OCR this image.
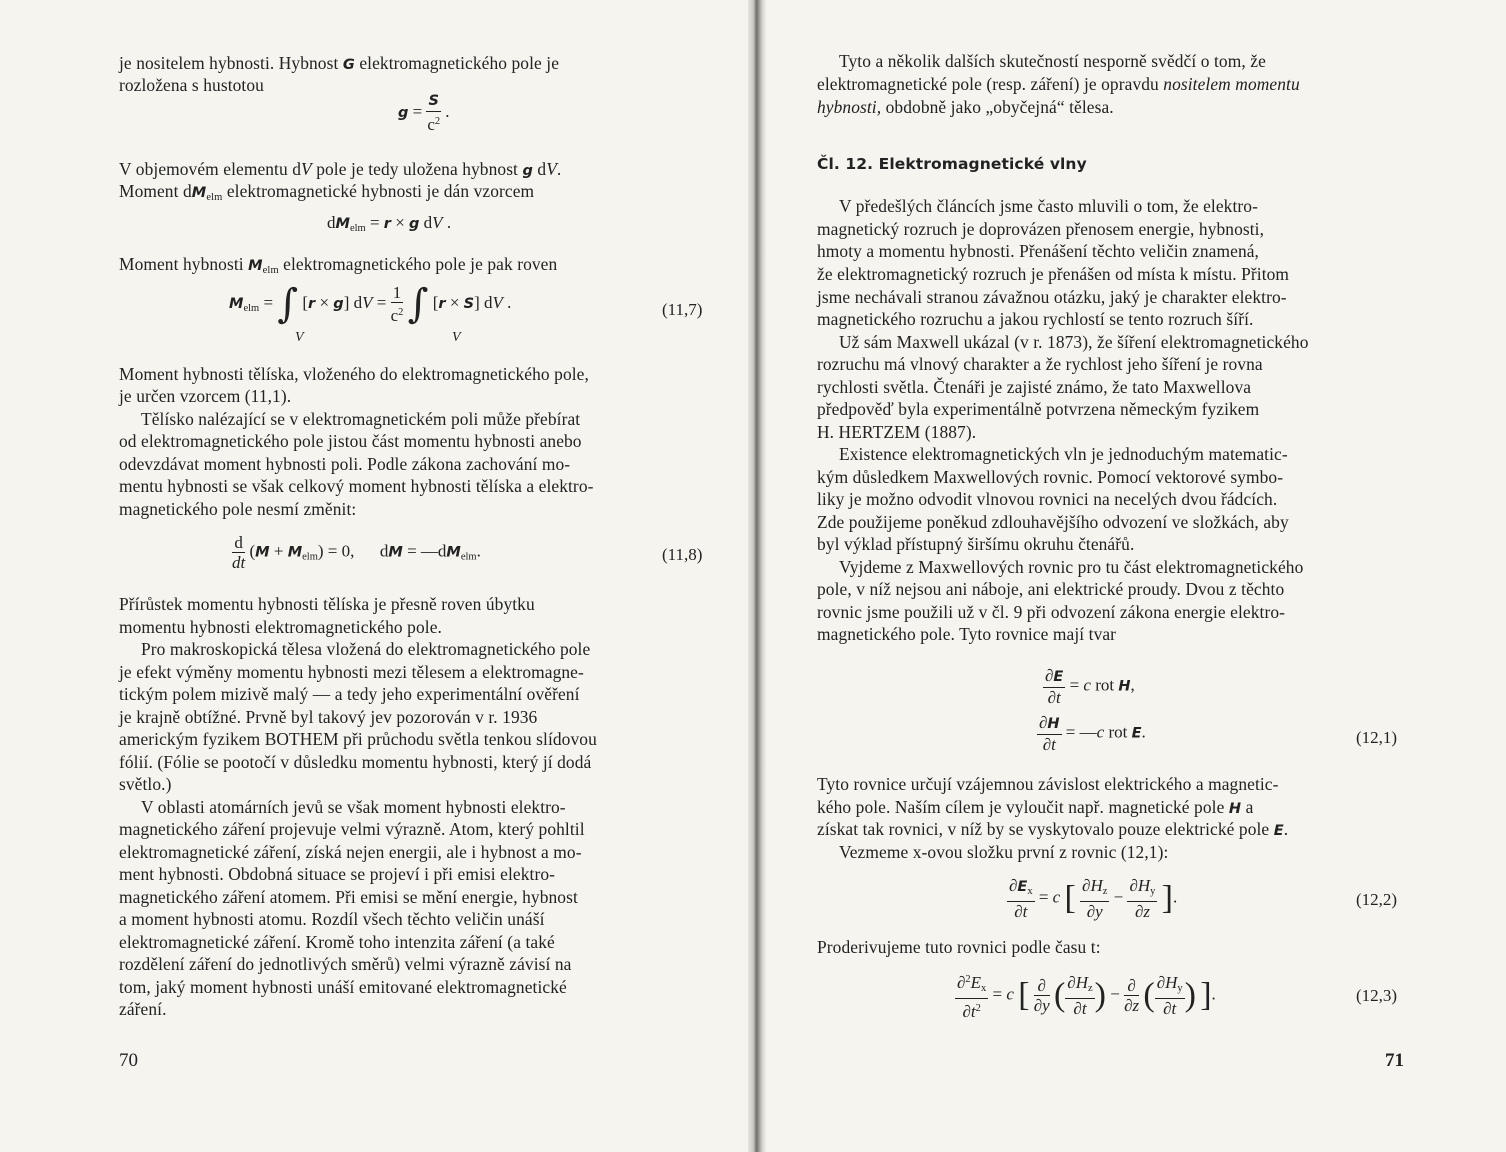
je nositelem hybnosti. Hybnost G elektromagnetického pole je
rozložena s hustotou
$g = \frac{S}{c^2}$ .
V objemovém elementu dV pole je tedy uložena hybnost g dV.
Moment $dM_{elm}$ elektromagnetické hybnosti je dán vzorcem
$dM_{elm} = r \times g$ dV .
Moment hybnosti $M_{elm}$ elektromagnetického pole je pak roven
$M_{elm}$ = ∫ [r × g] dV = $\frac{1}{c^2}$ ∫ [r × S] dV .
V	V
(11,7)
Moment hybnosti tělíska, vloženého do elektromagnetického pole,
je určen vzorcem (11,1).
Tělísko nalézající se v elektromagnetickém poli může přebírat
od elektromagnetického pole jistou část momentu hybnosti anebo
odevzdávat moment hybnosti poli. Podle zákona zachování mo-
mentu hybnosti se však celkový moment hybnosti tělíska a elektro-
magnetického pole nesmí změnit:
$\frac{d}{dt} (M + M_{elm}) = 0$,      dM = $—dM_{elm}$.	(11,8)
Přírůstek momentu hybnosti tělíska je přesně roven úbytku
momentu hybnosti elektromagnetického pole.
Pro makroskopická tělesa vložená do elektromagnetického pole
je efekt výměny momentu hybnosti mezi tělesem a elektromagne-
tickým polem mizivě malý — a tedy jeho experimentální ověření
je krajně obtížné. Prvně byl takový jev pozorován v r. 1936
americkým fyzikem BOTHEM při průchodu světla tenkou slídovou
fólií. (Fólie se pootočí v důsledku momentu hybnosti, který jí dodá
světlo.)
V oblasti atomárních jevů se však moment hybnosti elektro-
magnetického záření projevuje velmi výrazně. Atom, který pohltil
elektromagnetické záření, získá nejen energii, ale i hybnost a mo-
ment hybnosti. Obdobná situace se projeví i při emisi elektro-
magnetického záření atomem. Při emisi se mění energie, hybnost
a moment hybnosti atomu. Rozdíl všech těchto veličin unáší
elektromagnetické záření. Kromě toho intenzita záření (a také
rozdělení záření do jednotlivých směrů) velmi výrazně závisí na
tom, jaký moment hybnosti unáší emitované elektromagnetické
záření.
70
Tyto a několik dalších skutečností nesporně svědčí o tom, že
elektromagnetické pole (resp. záření) je opravdu nositelem momentu
hybnosti, obdobně jako „obyčejná“ tělesa.
Čl. 12. Elektromagnetické vlny
V předešlých článcích jsme často mluvili o tom, že elektro-
magnetický rozruch je doprovázen přenosem energie, hybnosti,
hmoty a momentu hybnosti. Přenášení těchto veličin znamená,
že elektromagnetický rozruch je přenášen od místa k místu. Přitom
jsme nechávali stranou závažnou otázku, jaký je charakter elektro-
magnetického rozruchu a jakou rychlostí se tento rozruch šíří.
Už sám Maxwell ukázal (v r. 1873), že šíření elektromagnetického
rozruchu má vlnový charakter a že rychlost jeho šíření je rovna
rychlosti světla. Čtenáři je zajisté známo, že tato Maxwellova
předpověď byla experimentálně potvrzena německým fyzikem
H. HERTZEM (1887).
Existence elektromagnetických vln je jednoduchým matematic-
kým důsledkem Maxwellových rovnic. Pomocí vektorové symbo-
liky je možno odvodit vlnovou rovnici na necelých dvou řádcích.
Zde použijeme poněkud zdlouhavějšího odvození ve složkách, aby
byl výklad přístupný širšímu okruhu čtenářů.
Vyjdeme z Maxwellových rovnic pro tu část elektromagnetického
pole, v níž nejsou ani náboje, ani elektrické proudy. Dvou z těchto
rovnic jsme použili už v čl. 9 při odvození zákona energie elektro-
magnetického pole. Tyto rovnice mají tvar
$\frac{\partial E}{\partial t} = c$ rot H,
$\frac{\partial H}{\partial t}$ = —c rot E.	(12,1)
Tyto rovnice určují vzájemnou závislost elektrického a magnetic-
kého pole. Naším cílem je vyloučit např. magnetické pole H a
získat tak rovnici, v níž by se vyskytovalo pouze elektrické pole E.
Vezmeme x-ovou složku první z rovnic (12,1):
$\frac{\partial E_x}{\partial t} = c$ [ $\frac{\partial H_z}{\partial y} - \frac{\partial H_y}{\partial z}$ ].	(12,2)
Proderivujeme tuto rovnici podle času t:
$\frac{\partial^2E_x}{\partial t^2} = c$ [ $\frac{\partial}{\partial y}$ ( $\frac{\partial H_z}{\partial t}$ ) − $\frac{\partial}{\partial z}$ ( $\frac{\partial H_y}{\partial t}$ ) ].	(12,3)
71
